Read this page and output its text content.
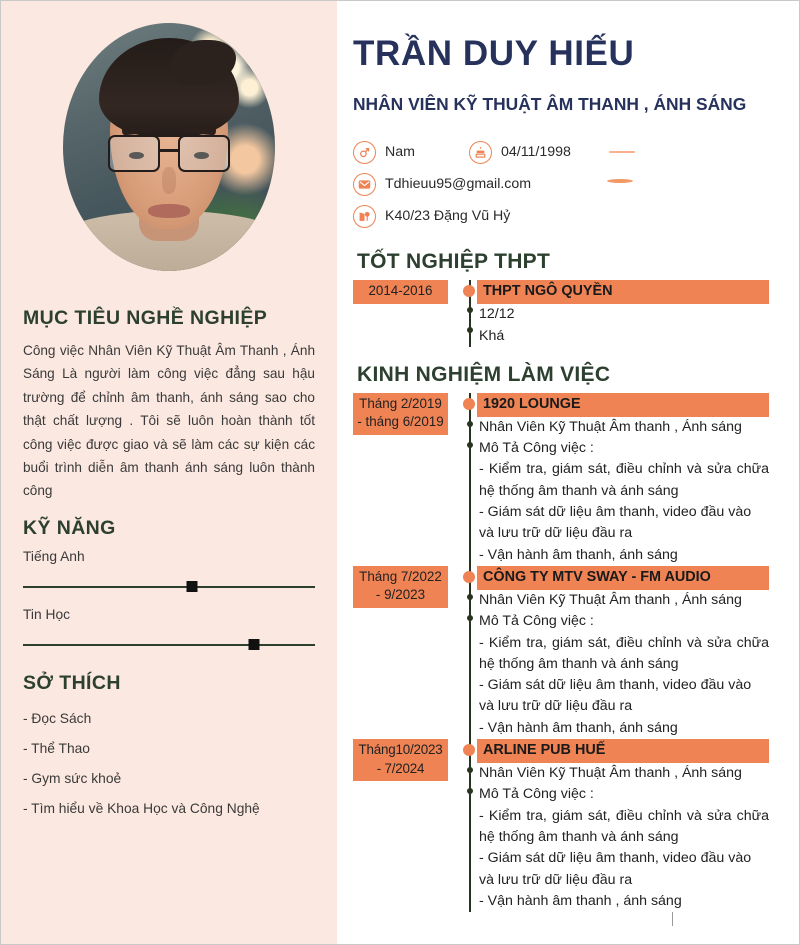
MỤC TIÊU NGHỀ NGHIỆP

Công việc Nhân Viên Kỹ Thuật Âm Thanh , Ánh Sáng Là người làm công việc đẳng sau hậu trường để chỉnh âm thanh, ánh sáng sao cho thật chất lượng . Tôi sẽ luôn hoàn thành tốt công việc được giao và sẽ làm các sự kiện các buổi trình diễn âm thanh ánh sáng luôn thành công

KỸ NĂNG
Tiếng Anh
Tin Học
SỞ THÍCH
- Đọc Sách
- Thể Thao
- Gym sức khoẻ
- Tìm hiểu về Khoa Học và Công Nghệ
TRẦN DUY HIẾU
NHÂN VIÊN KỸ THUẬT ÂM THANH , ÁNH SÁNG
Nam	04/11/1998
Tdhieuu95@gmail.com
K40/23 Đặng Vũ Hỷ
TỐT NGHIỆP THPT
2014-2016	THPT NGÔ QUYỀN
12/12
Khá
KINH NGHIỆM LÀM VIỆC
Tháng 2/2019 - tháng 6/2019
1920 LOUNGE
Nhân Viên Kỹ Thuật Âm thanh , Ánh sáng
Mô Tả Công việc :
- Kiểm tra, giám sát, điều chỉnh và sửa chữa hệ thống âm thanh và ánh sáng
- Giám sát dữ liệu âm thanh, video đầu vào và lưu trữ dữ liệu đầu ra
- Vận hành âm thanh, ánh sáng
Tháng 7/2022 - 9/2023
CÔNG TY MTV SWAY - FM AUDIO
Nhân Viên Kỹ Thuật Âm thanh , Ánh sáng
Mô Tả Công việc :
- Kiểm tra, giám sát, điều chỉnh và sửa chữa hệ thống âm thanh và ánh sáng
- Giám sát dữ liệu âm thanh, video đầu vào và lưu trữ dữ liệu đầu ra
- Vận hành âm thanh, ánh sáng
Tháng10/2023 - 7/2024
ARLINE PUB HUẾ
Nhân Viên Kỹ Thuật Âm thanh , Ánh sáng
Mô Tả Công việc :
- Kiểm tra, giám sát, điều chỉnh và sửa chữa hệ thống âm thanh và ánh sáng
- Giám sát dữ liệu âm thanh, video đầu vào và lưu trữ dữ liệu đầu ra
- Vận hành âm thanh , ánh sáng
